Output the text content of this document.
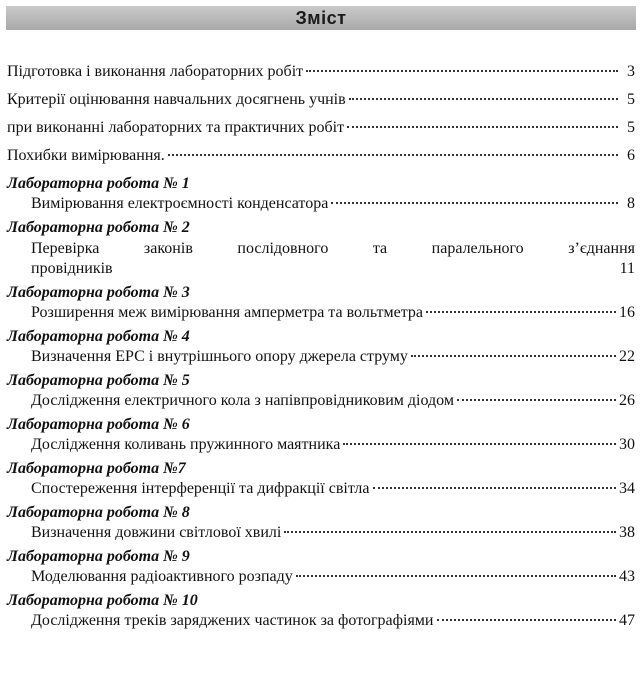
Зміст
Підготовка і виконання лабораторних робіт	3
Критерії оцінювання навчальних досягнень учнів	5
при виконанні лабораторних та практичних робіт	5
Похибки вимірювання.	6
Лабораторна робота № 1
Вимірювання електроємності конденсатора	8
Лабораторна робота № 2
Перевірка законів послідовного та паралельного з’єднання
провідників	11
Лабораторна робота № 3
Розширення меж вимірювання амперметра та вольтметра	16
Лабораторна робота № 4
Визначення ЕРС і внутрішнього опору джерела струму	22
Лабораторна робота № 5
Дослідження електричного кола з напівпровідниковим діодом	26
Лабораторна робота № 6
Дослідження коливань пружинного маятника	30
Лабораторна робота №7
Спостереження інтерференції та дифракції світла	34
Лабораторна робота № 8
Визначення довжини світлової хвилі	38
Лабораторна робота № 9
Моделювання радіоактивного розпаду	43
Лабораторна робота № 10
Дослідження треків заряджених частинок за фотографіями	47
